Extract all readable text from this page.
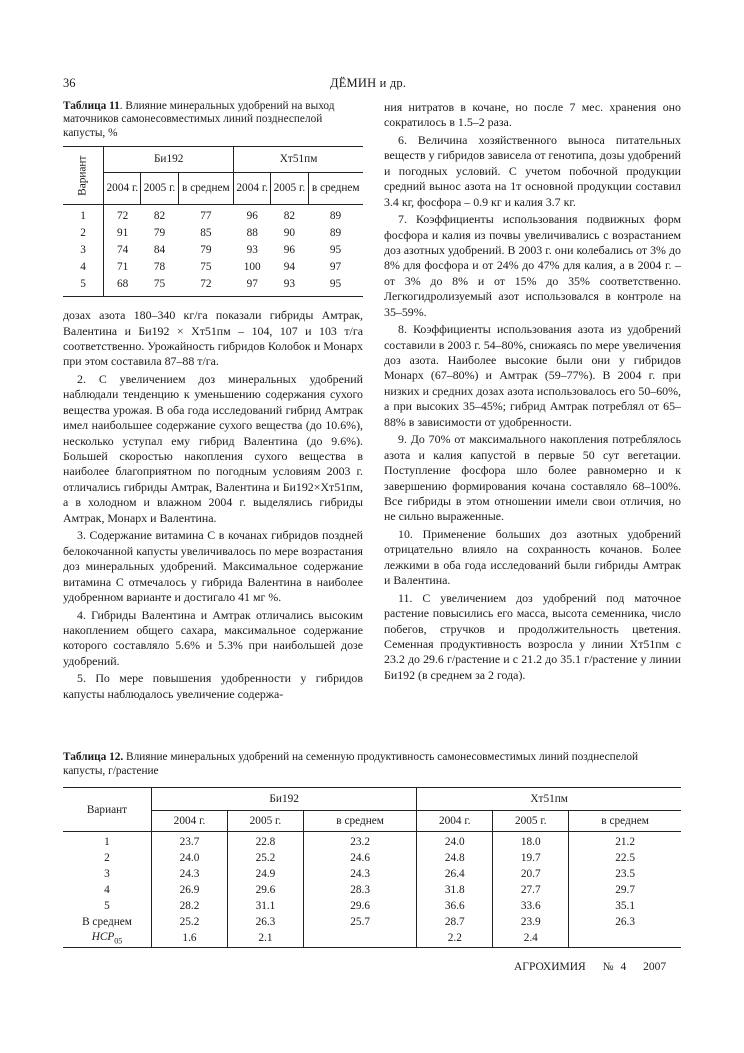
36	ДЁМИН и др.
Таблица 11. Влияние минеральных удобрений на выход маточников самонесовместимых линий позднеспелой капусты, %
Вариант	Би192			Хт51пм		
	2004 г.	2005 г.	в среднем	2004 г.	2005 г.	в среднем
1	72	82	77	96	82	89
2	91	79	85	88	90	89
3	74	84	79	93	96	95
4	71	78	75	100	94	97
5	68	75	72	97	93	95

дозах азота 180–340 кг/га показали гибриды Амтрак, Валентина и Би192 × Хт51пм – 104, 107 и 103 т/га соответственно. Урожайность гибридов Колобок и Монарх при этом составила 87–88 т/га.

2. С увеличением доз минеральных удобрений наблюдали тенденцию к уменьшению содержания сухого вещества урожая. В оба года исследований гибрид Амтрак имел наибольшее содержание сухого вещества (до 10.6%), несколько уступал ему гибрид Валентина (до 9.6%). Большей скоростью накопления сухого вещества в наиболее благоприятном по погодным условиям 2003 г. отличались гибриды Амтрак, Валентина и Би192×Хт51пм, а в холодном и влажном 2004 г. выделялись гибриды Амтрак, Монарх и Валентина.

3. Содержание витамина С в кочанах гибридов поздней белокочанной капусты увеличивалось по мере возрастания доз минеральных удобрений. Максимальное содержание витамина С отмечалось у гибрида Валентина в наиболее удобренном варианте и достигало 41 мг %.

4. Гибриды Валентина и Амтрак отличались высоким накоплением общего сахара, максимальное содержание которого составляло 5.6% и 5.3% при наибольшей дозе удобрений.

5. По мере повышения удобренности у гибридов капусты наблюдалось увеличение содержа-

ния нитратов в кочане, но после 7 мес. хранения оно сократилось в 1.5–2 раза.

6. Величина хозяйственного выноса питательных веществ у гибридов зависела от генотипа, дозы удобрений и погодных условий. С учетом побочной продукции средний вынос азота на 1т основной продукции составил 3.4 кг, фосфора – 0.9 кг и калия 3.7 кг.

7. Коэффициенты использования подвижных форм фосфора и калия из почвы увеличивались с возрастанием доз азотных удобрений. В 2003 г. они колебались от 3% до 8% для фосфора и от 24% до 47% для калия, а в 2004 г. – от 3% до 8% и от 15% до 35% соответственно. Легкогидролизуемый азот использовался в контроле на 35–59%.

8. Коэффициенты использования азота из удобрений составили в 2003 г. 54–80%, снижаясь по мере увеличения доз азота. Наиболее высокие были они у гибридов Монарх (67–80%) и Амтрак (59–77%). В 2004 г. при низких и средних дозах азота использовалось его 50–60%, а при высоких 35–45%; гибрид Амтрак потреблял от 65–88% в зависимости от удобренности.

9. До 70% от максимального накопления потреблялось азота и калия капустой в первые 50 сут вегетации. Поступление фосфора шло более равномерно и к завершению формирования кочана составляло 68–100%. Все гибриды в этом отношении имели свои отличия, но не сильно выраженные.

10. Применение больших доз азотных удобрений отрицательно влияло на сохранность кочанов. Более лежкими в оба года исследований были гибриды Амтрак и Валентина.

11. С увеличением доз удобрений под маточное растение повысились его масса, высота семенника, число побегов, стручков и продолжительность цветения. Семенная продуктивность возросла у линии Хт51пм с 23.2 до 29.6 г/растение и с 21.2 до 35.1 г/растение у линии Би192 (в среднем за 2 года).

Таблица 12. Влияние минеральных удобрений на семенную продуктивность самонесовместимых линий позднеспелой капусты, г/растение
Вариант	Би192			Хт51пм		
	2004 г.	2005 г.	в среднем	2004 г.	2005 г.	в среднем
1	23.7	22.8	23.2	24.0	18.0	21.2
2	24.0	25.2	24.6	24.8	19.7	22.5
3	24.3	24.9	24.3	26.4	20.7	23.5
4	26.9	29.6	28.3	31.8	27.7	29.7
5	28.2	31.1	29.6	36.6	33.6	35.1
В среднем	25.2	26.3	25.7	28.7	23.9	26.3
$НСР_{05}$	1.6	2.1		2.2	2.4	
АГРОХИМИЯ № 4 2007
